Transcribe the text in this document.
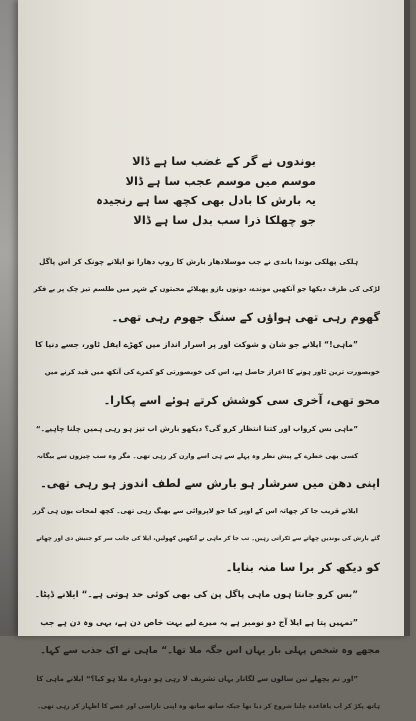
بوندوں نے گر کے غضب سا ہے ڈالا
موسم میں موسم عجب سا ہے ڈالا
یہ بارش کا بادل بھی کچھ سا ہے رنجیدہ
جو چھلکا ذرا سب بدل سا ہے ڈالا
ہلکی پھلکی بوندا باندی نے جب موسلادھار بارش کا روپ دھارا تو ایلانے چونک کر اس پاگل
لڑکی کی طرف دیکھا جو آنکھیں موندے، دونوں بازو پھیلائے محبتوں کے شہر میں طلسم تیز چک پر بے فکر
گھوم رہی تھی ہواؤں کے سنگ جھوم رہی تھی۔
”ماہی!“ ایلانے جو شان و شوکت اور پر اسرار انداز میں کھڑے ایفل ٹاور، جسے دنیا کا
خوبصورت ترین ٹاور ہونے کا اعزاز حاصل ہے، اس کی خوبصورتی کو کمرے کی آنکھ میں قید کرنے میں
محو تھی، آخری سی کوشش کرتے ہوئے اسے پکارا۔
”ماہی بس کرواب اور کتنا انتظار کرو گی؟ دیکھو بارش اب تیز ہو رہی ہمیں چلنا چاہیے۔“
کسی بھی خطرے کے پیش نظر وہ پہلے سے ہی اسے وارن کر رہی تھی۔ مگر وہ سب چیزوں سے بیگانہ
اپنی دھن میں سرشار ہو بارش سے لطف اندوز ہو رہی تھی۔
ایلانے قریب جا کر چھاتہ اس کے اوپر کیا جو لاپروائی سے بھیگ رہی تھی۔ کچھ لمحات یوں ہی گزر
گئے بارش کی بوندیں چھاتے سے ٹکراتی رہیں۔ تب جا کر ماہی نے آنکھیں کھولیں، ایلا کی جانب سر کو جنبش دی اور چھاتے
کو دیکھ کر برا سا منہ بنایا۔
”بس کرو جانتا ہوں ماہی پاگل پن کی بھی کوئی حد ہوتی ہے۔“ ایلانے ڈپٹا۔
”تمہیں پتا ہے ایلا آج دو نومبر ہے یہ میرے لیے بہت خاص دن ہے، یہی وہ دن ہے جب
مجھے وہ شخص پہلی بار یہاں اس جگہ ملا تھا۔“ ماہی نے اک جذب سے کہا۔
”اور تم پچھلے تین سالوں سے لگاتار یہاں تشریف لا رہی ہو دوبارہ ملا ہو کیا؟“ ایلانے ماہی کا
ہاتھ پکڑ کر اب باقاعدہ چلنا شروع کر دیا تھا جبکہ ساتھ ساتھ وہ اپنی ناراضی اور غصے کا اظہار کر رہی تھی۔
